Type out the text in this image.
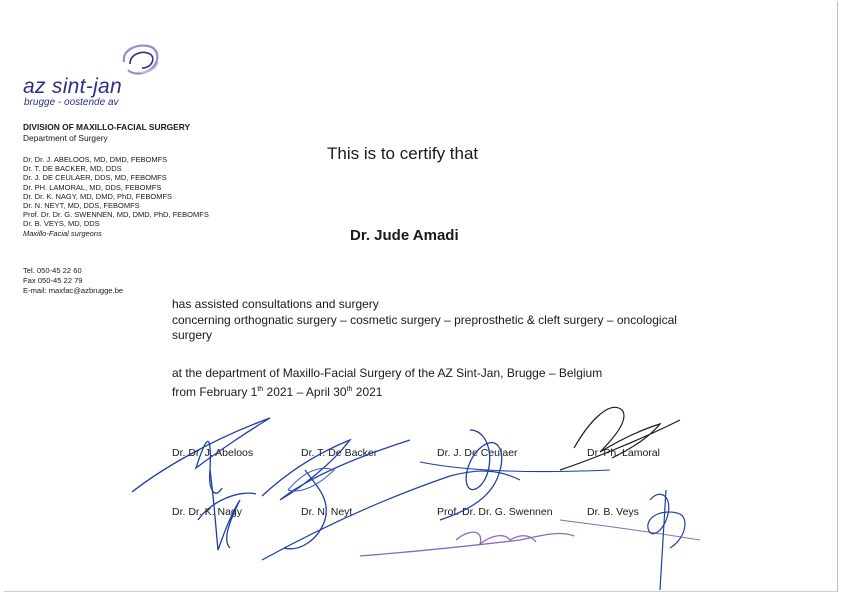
az sint-jan
brugge - oostende av
DIVISION OF MAXILLO-FACIAL SURGERY
Department of Surgery
Dr. Dr. J. ABELOOS, MD, DMD, FEBOMFS
Dr. T. DE BACKER, MD, DDS
Dr. J. DE CEULAER, DDS, MD, FEBOMFS
Dr. PH. LAMORAL, MD, DDS, FEBOMFS
Dr. Dr. K. NAGY, MD, DMD, PhD, FEBOMFS
Dr. N. NEYT, MD, DDS, FEBOMFS
Prof. Dr. Dr. G. SWENNEN, MD, DMD, PhD, FEBOMFS
Dr. B. VEYS, MD, DDS
Maxillo-Facial surgeons
Tel. 050-45 22 60
Fax 050-45 22 79
E-mail: maxfac@azbrugge.be
This is to certify that
Dr. Jude Amadi
has assisted consultations and surgery
concerning orthognatic surgery – cosmetic surgery – preprosthetic & cleft surgery – oncological
surgery
at the department of Maxillo-Facial Surgery of the AZ Sint-Jan, Brugge – Belgium
from February 1th 2021 – April 30th 2021
Dr. Dr. J. Abeloos	Dr. T. De Backer	Dr. J. De Ceulaer	Dr. Ph. Lamoral
Dr. Dr. K. Nagy	Dr. N. Neyt	Prof. Dr. Dr. G. Swennen	Dr. B. Veys
